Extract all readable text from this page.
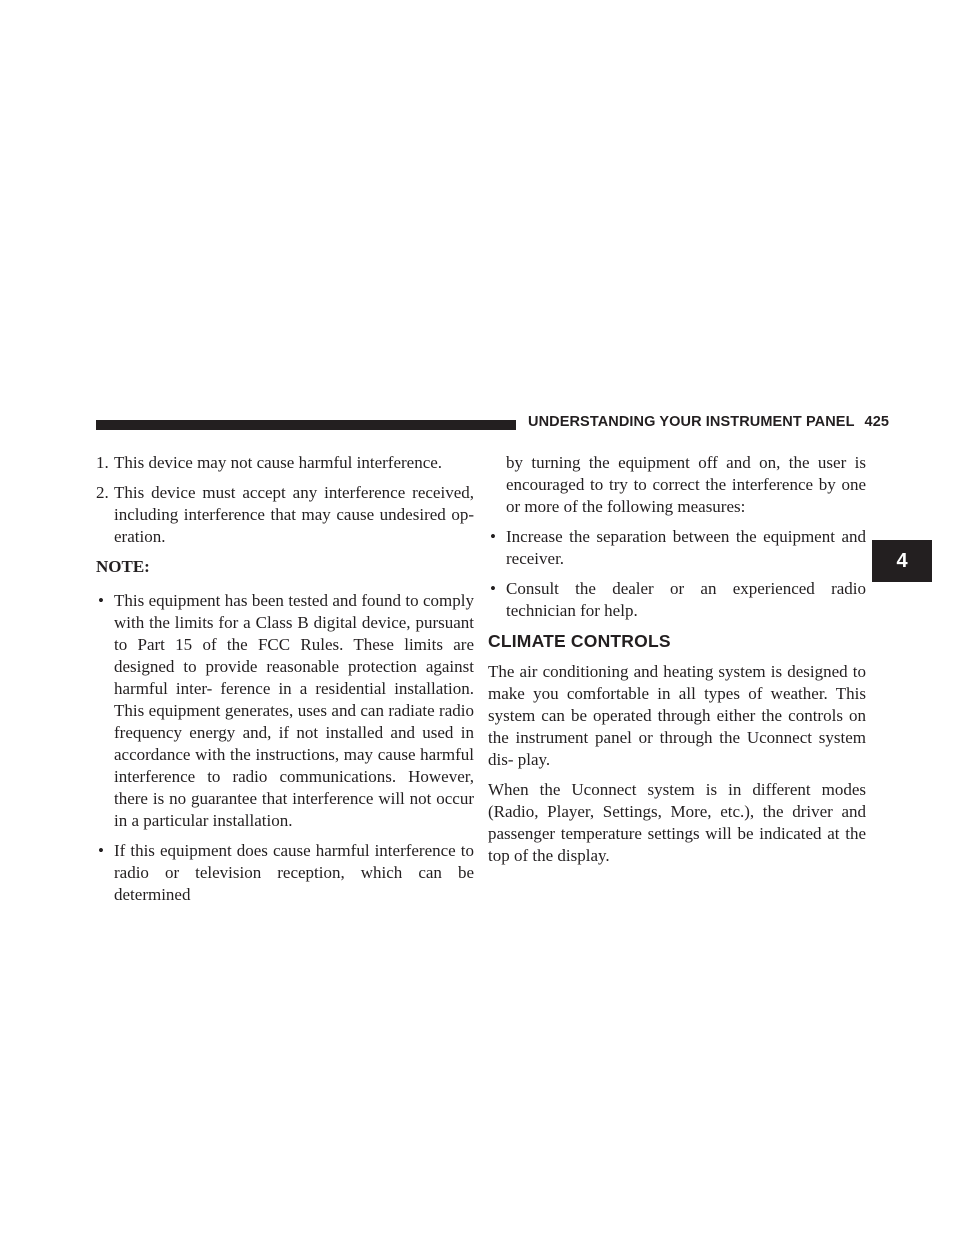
UNDERSTANDING YOUR INSTRUMENT PANEL 425
4
1. This device may not cause harmful interference.
2. This device must accept any interference received, including interference that may cause undesired op- eration.

NOTE:

• This equipment has been tested and found to comply with the limits for a Class B digital device, pursuant to Part 15 of the FCC Rules. These limits are designed to provide reasonable protection against harmful inter- ference in a residential installation. This equipment generates, uses and can radiate radio frequency energy and, if not installed and used in accordance with the instructions, may cause harmful interference to radio communications. However, there is no guarantee that interference will not occur in a particular installation.
• If this equipment does cause harmful interference to radio or television reception, which can be determined

by turning the equipment off and on, the user is encouraged to try to correct the interference by one or more of the following measures:

• Increase the separation between the equipment and receiver.
• Consult the dealer or an experienced radio technician for help.
CLIMATE CONTROLS

The air conditioning and heating system is designed to make you comfortable in all types of weather. This system can be operated through either the controls on the instrument panel or through the Uconnect system dis- play.

When the Uconnect system is in different modes (Radio, Player, Settings, More, etc.), the driver and passenger temperature settings will be indicated at the top of the display.
